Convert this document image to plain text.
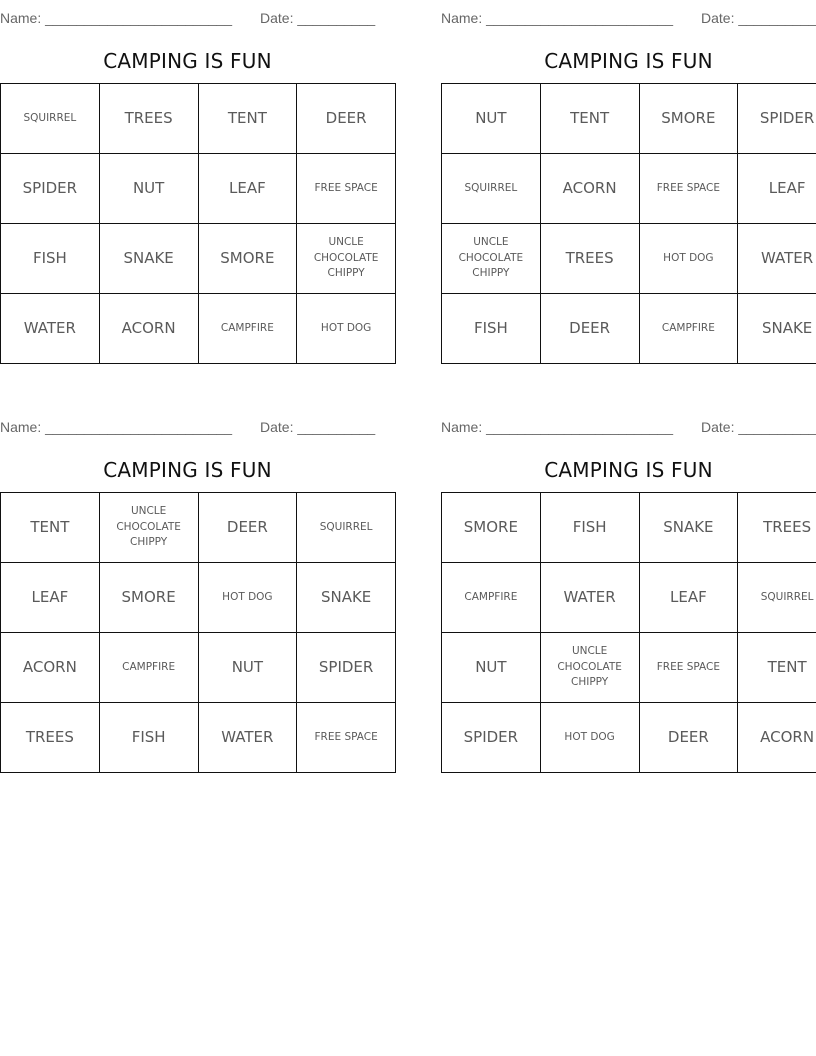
Name: ________________________ Date: __________
CAMPING IS FUN
SQUIRREL	TREES	TENT	DEER
SPIDER	NUT	LEAF	FREE SPACE
FISH	SNAKE	SMORE	UNCLE CHOCOLATE CHIPPY
WATER	ACORN	CAMPFIRE	HOT DOG
Name: ________________________ Date: __________
CAMPING IS FUN
NUT	TENT	SMORE	SPIDER
SQUIRREL	ACORN	FREE SPACE	LEAF
UNCLE CHOCOLATE CHIPPY	TREES	HOT DOG	WATER
FISH	DEER	CAMPFIRE	SNAKE
Name: ________________________ Date: __________
CAMPING IS FUN
TENT	UNCLE CHOCOLATE CHIPPY	DEER	SQUIRREL
LEAF	SMORE	HOT DOG	SNAKE
ACORN	CAMPFIRE	NUT	SPIDER
TREES	FISH	WATER	FREE SPACE
Name: ________________________ Date: __________
CAMPING IS FUN
SMORE	FISH	SNAKE	TREES
CAMPFIRE	WATER	LEAF	SQUIRREL
NUT	UNCLE CHOCOLATE CHIPPY	FREE SPACE	TENT
SPIDER	HOT DOG	DEER	ACORN
